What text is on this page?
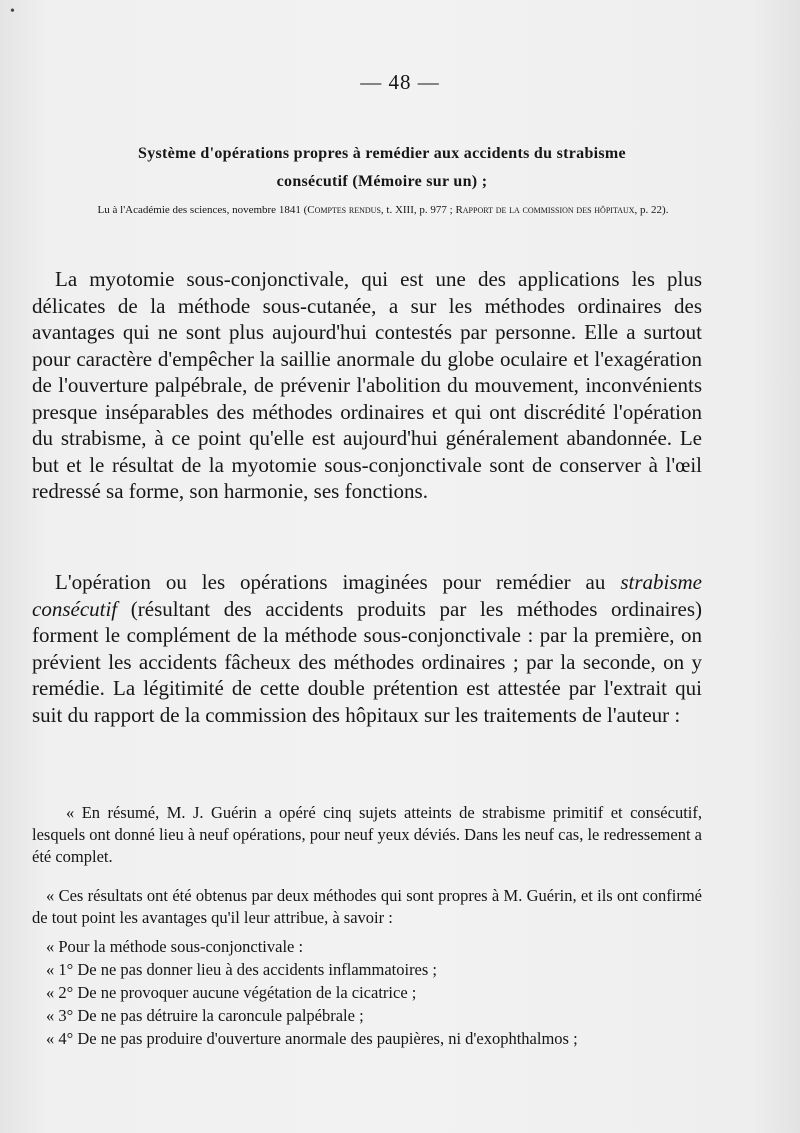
•
— 48 —
Système d'opérations propres à remédier aux accidents du strabisme
consécutif (Mémoire sur un) ;
Lu à l'Académie des sciences, novembre 1841 (Comptes rendus, t. XIII, p. 977 ; Rapport de la commission des hôpitaux, p. 22).
La myotomie sous-conjonctivale, qui est une des applications les plus délicates de la méthode sous-cutanée, a sur les méthodes ordinaires des avantages qui ne sont plus aujourd'hui contestés par personne. Elle a surtout pour caractère d'empêcher la saillie anormale du globe oculaire et l'exagération de l'ouverture palpébrale, de prévenir l'abolition du mouvement, inconvénients presque inséparables des méthodes ordinaires et qui ont discrédité l'opération du strabisme, à ce point qu'elle est aujourd'hui généralement abandonnée. Le but et le résultat de la myotomie sous-conjonctivale sont de conserver à l'œil redressé sa forme, son harmonie, ses fonctions.
L'opération ou les opérations imaginées pour remédier au strabisme consécutif (résultant des accidents produits par les méthodes ordinaires) forment le complément de la méthode sous-conjonctivale : par la première, on prévient les accidents fâcheux des méthodes ordinaires ; par la seconde, on y remédie. La légitimité de cette double prétention est attestée par l'extrait qui suit du rapport de la commission des hôpitaux sur les traitements de l'auteur :
« En résumé, M. J. Guérin a opéré cinq sujets atteints de strabisme primitif et consécutif, lesquels ont donné lieu à neuf opérations, pour neuf yeux déviés. Dans les neuf cas, le redressement a été complet.
« Ces résultats ont été obtenus par deux méthodes qui sont propres à M. Guérin, et ils ont confirmé de tout point les avantages qu'il leur attribue, à savoir :
« Pour la méthode sous-conjonctivale :
« 1° De ne pas donner lieu à des accidents inflammatoires ;
« 2° De ne provoquer aucune végétation de la cicatrice ;
« 3° De ne pas détruire la caroncule palpébrale ;
« 4° De ne pas produire d'ouverture anormale des paupières, ni d'exophthalmos ;
